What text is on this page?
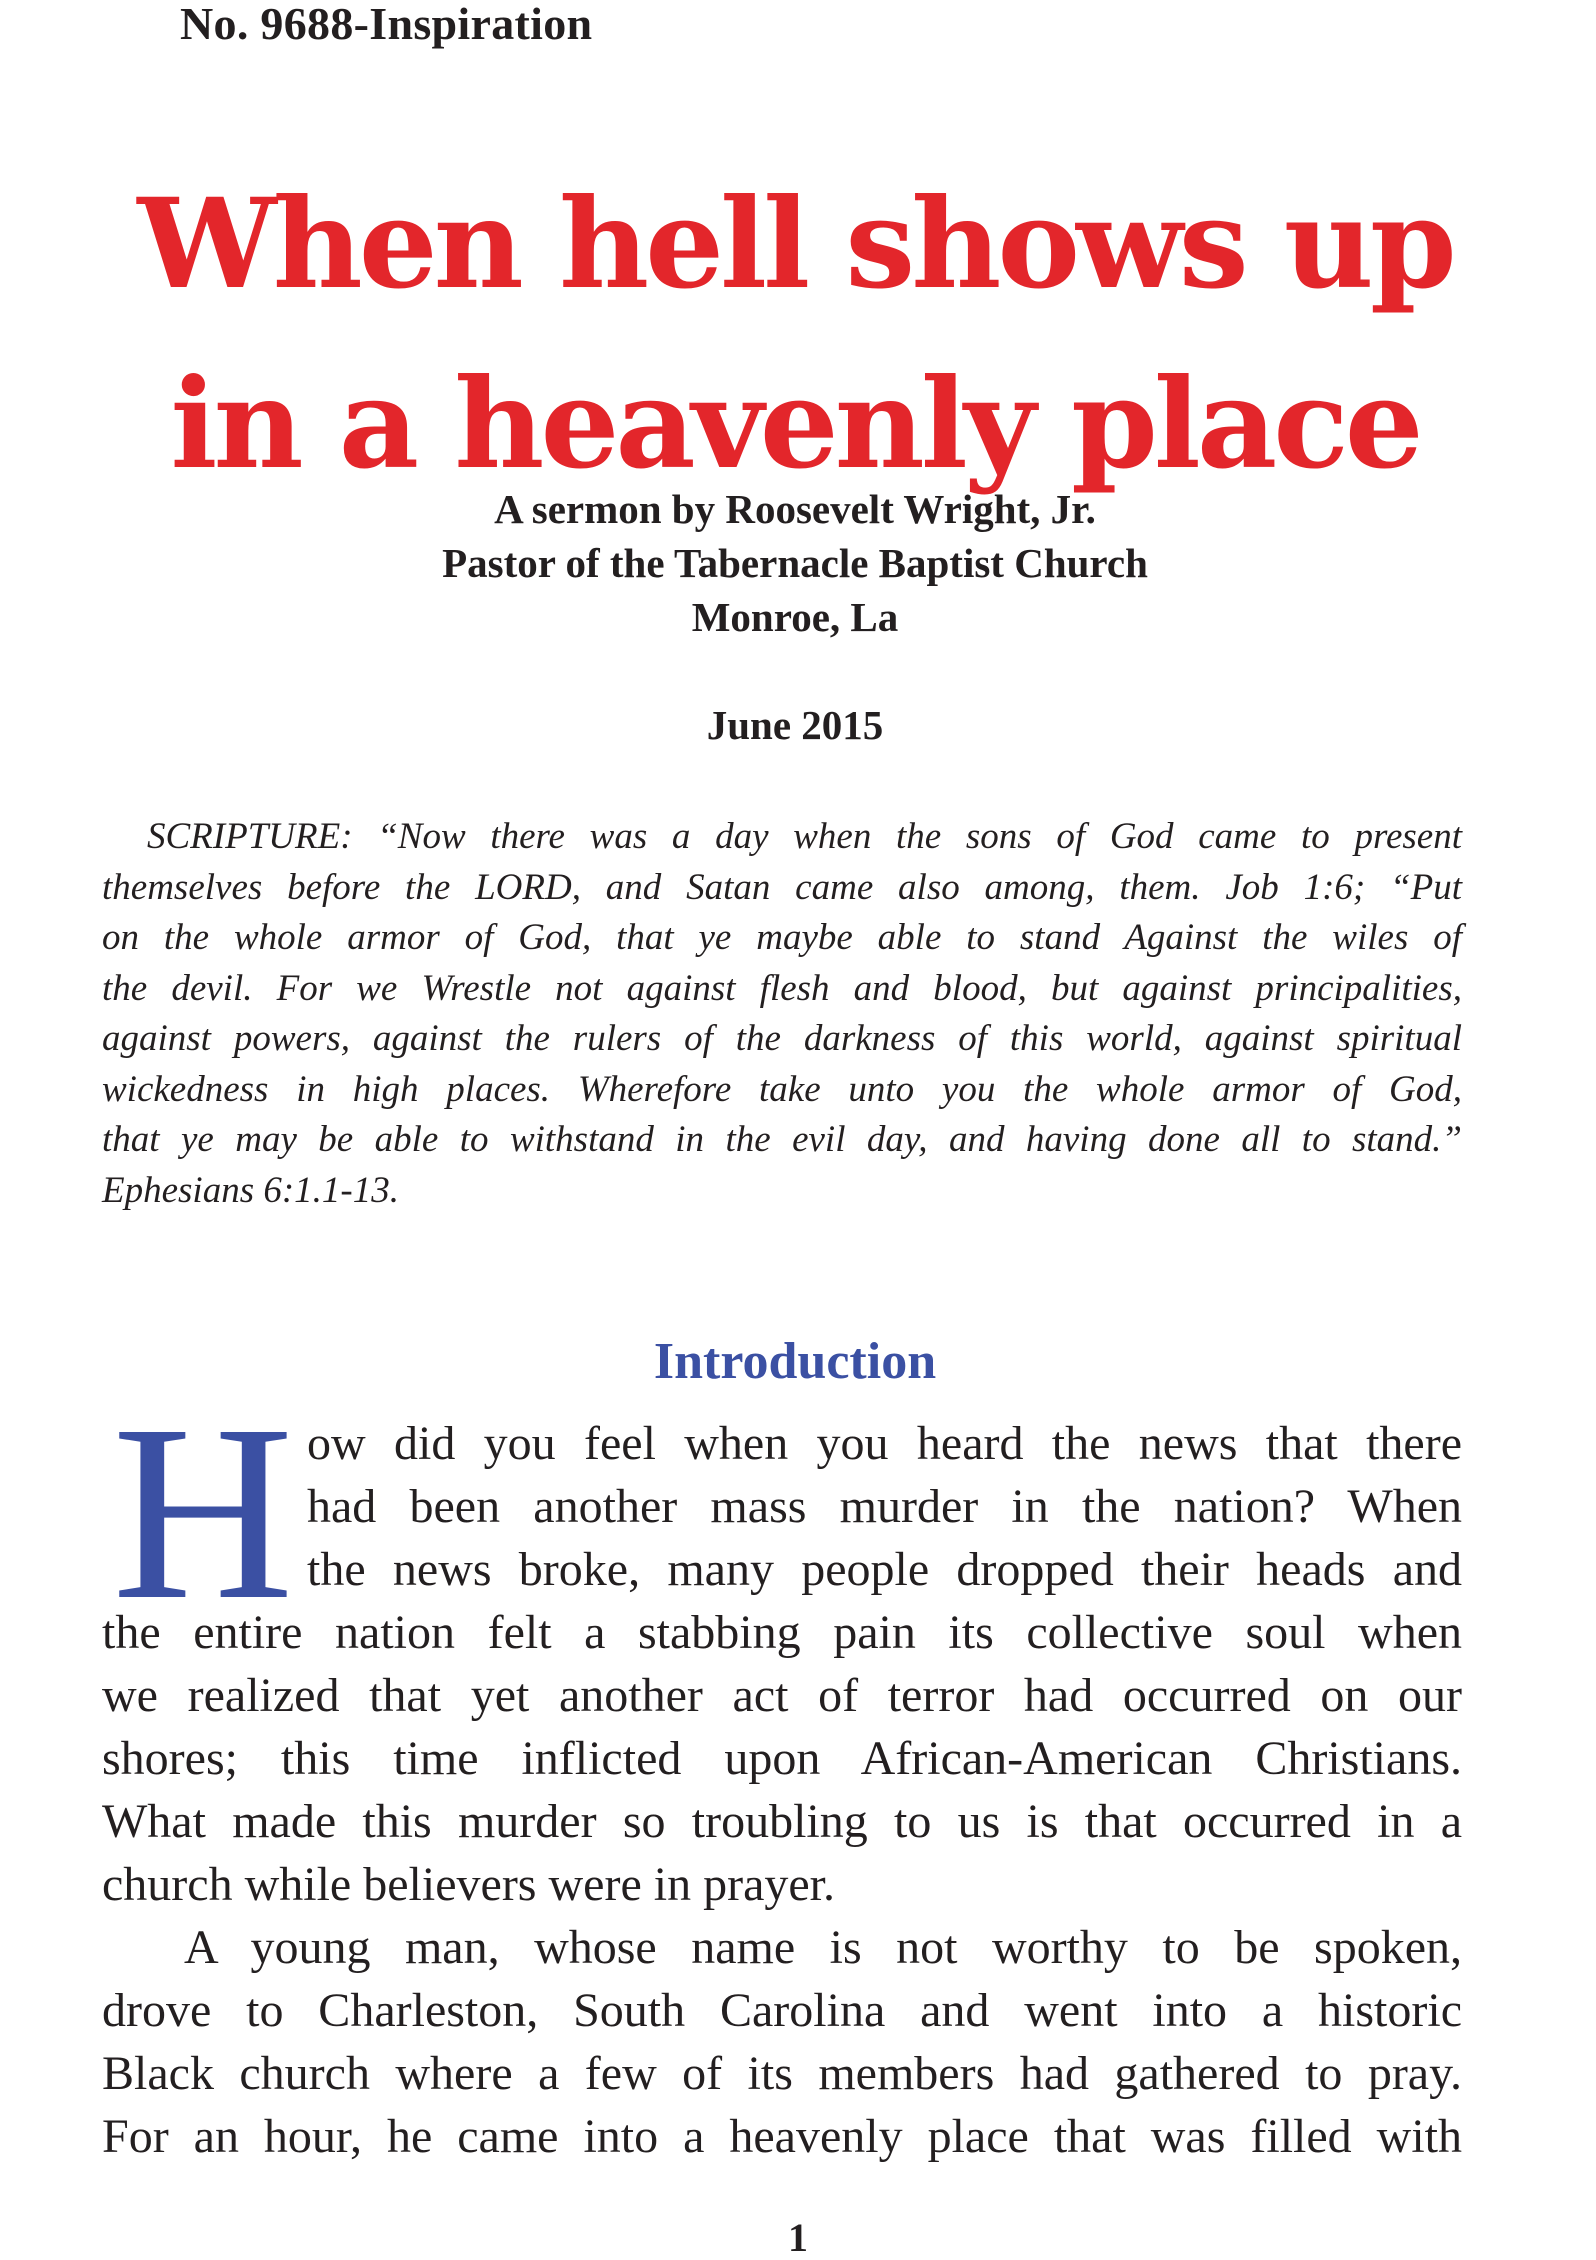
No. 9688-Inspiration
When hell shows up
in a heavenly place
A sermon by Roosevelt Wright, Jr.
Pastor of the Tabernacle Baptist Church
Monroe, La
June 2015
SCRIPTURE: “Now there was a day when the sons of God came to present
themselves before the LORD, and Satan came also among, them. Job 1:6; “Put
on the whole armor of God, that ye maybe able to stand Against the wiles of
the devil. For we Wrestle not against flesh and blood, but against principalities,
against powers, against the rulers of the darkness of this world, against spiritual
wickedness in high places. Wherefore take unto you the whole armor of God,
that ye may be able to withstand in the evil day, and having done all to stand.”
Ephesians 6:1.1-13.
Introduction
H ow did you feel when you heard the news that there
had been another mass murder in the nation? When
the news broke, many people dropped their heads and
the entire nation felt a stabbing pain its collective soul when
we realized that yet another act of terror had occurred on our
shores; this time inflicted upon African-American Christians.
What made this murder so troubling to us is that occurred in a
church while believers were in prayer.
A young man, whose name is not worthy to be spoken,
drove to Charleston, South Carolina and went into a historic
Black church where a few of its members had gathered to pray.
For an hour, he came into a heavenly place that was filled with
1
